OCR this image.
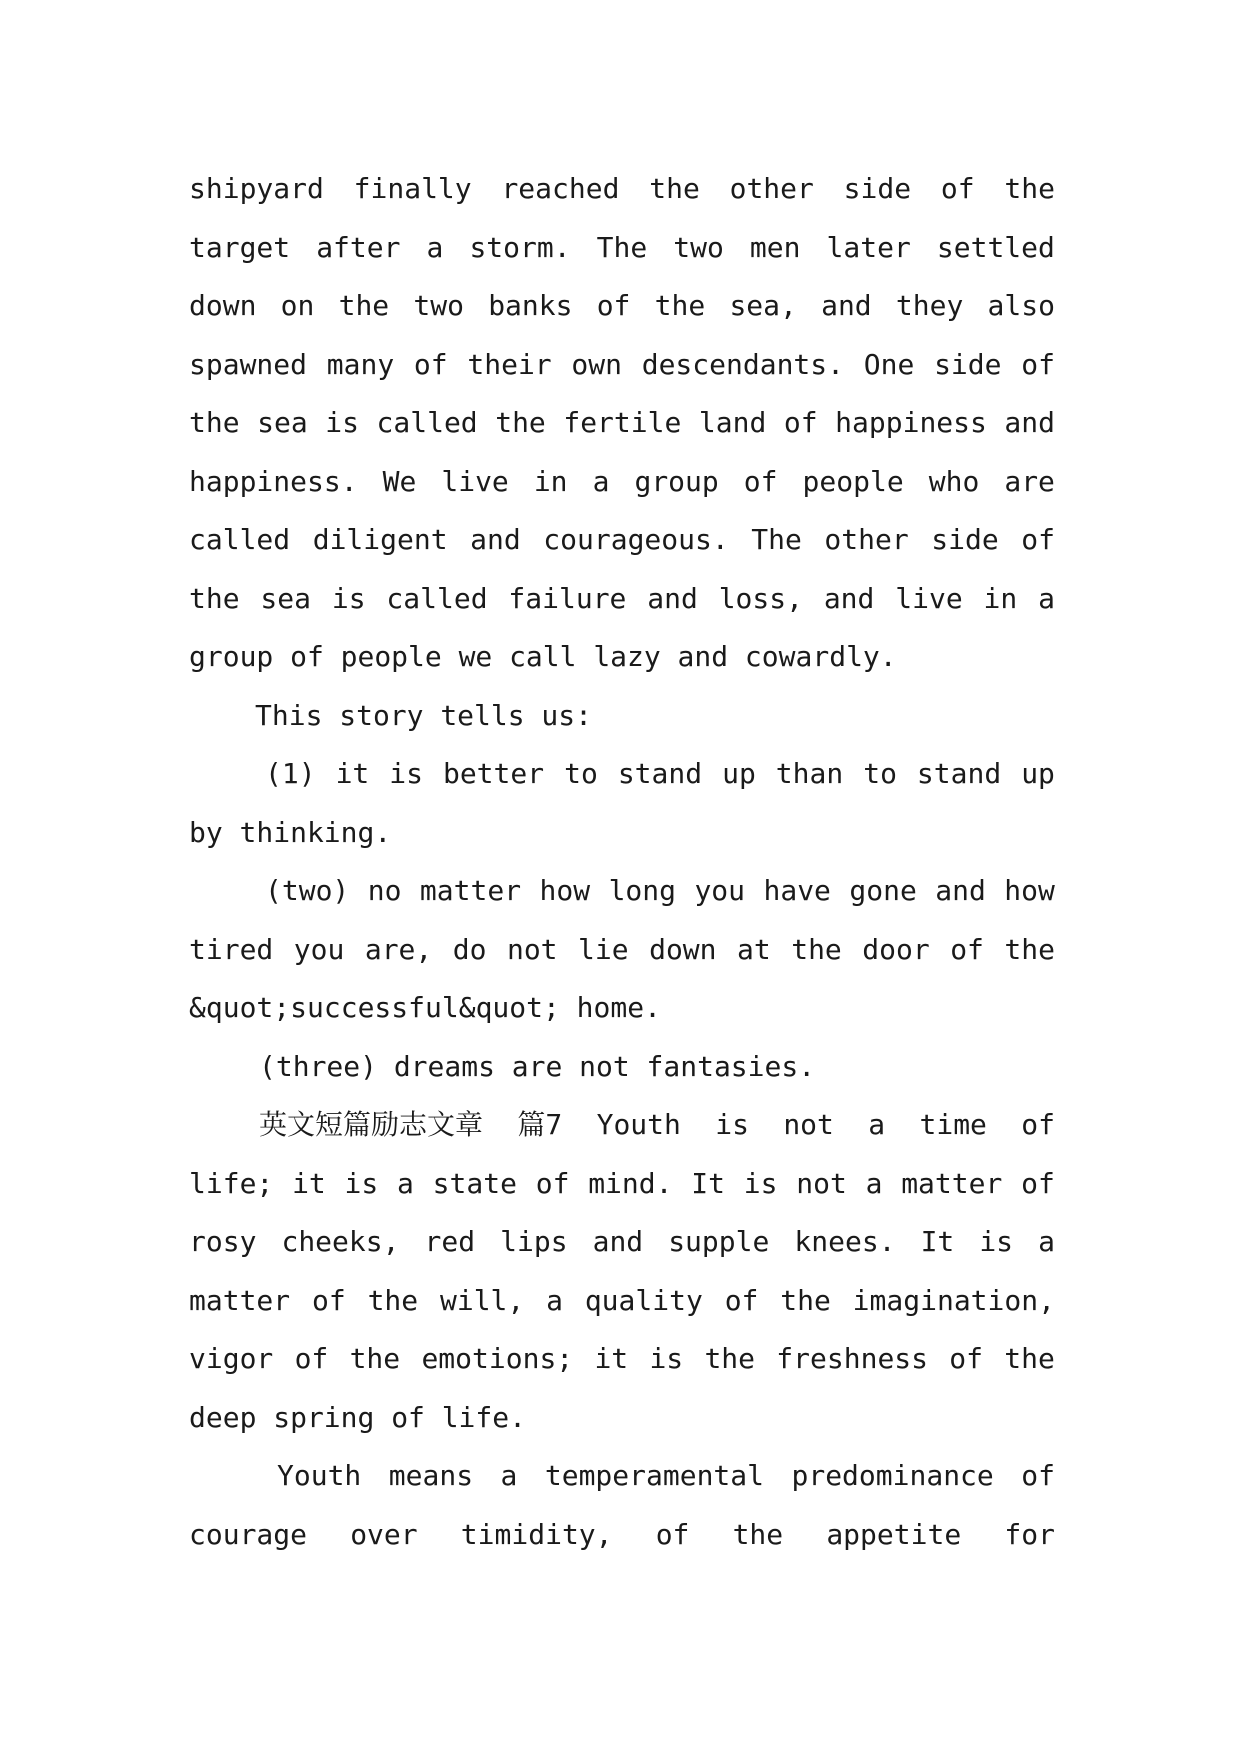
shipyard finally reached the other side of the
target after a storm. The two men later settled
down on the two banks of the sea, and they also
spawned many of their own descendants. One side of
the sea is called the fertile land of happiness and
happiness. We live in a group of people who are
called diligent and courageous. The other side of
the sea is called failure and loss, and live in a
group of people we call lazy and cowardly.
This story tells us:
(1) it is better to stand up than to stand up
by thinking.
(two) no matter how long you have gone and how
tired you are, do not lie down at the door of the
&quot;successful&quot; home.
(three) dreams are not fantasies.
英文短篇励志文章 篇7 Youth is not a time of
life; it is a state of mind. It is not a matter of
rosy cheeks, red lips and supple knees. It is a
matter of the will, a quality of the imagination,
vigor of the emotions; it is the freshness of the
deep spring of life.
Youth means a temperamental predominance of
courage over timidity, of the appetite for
